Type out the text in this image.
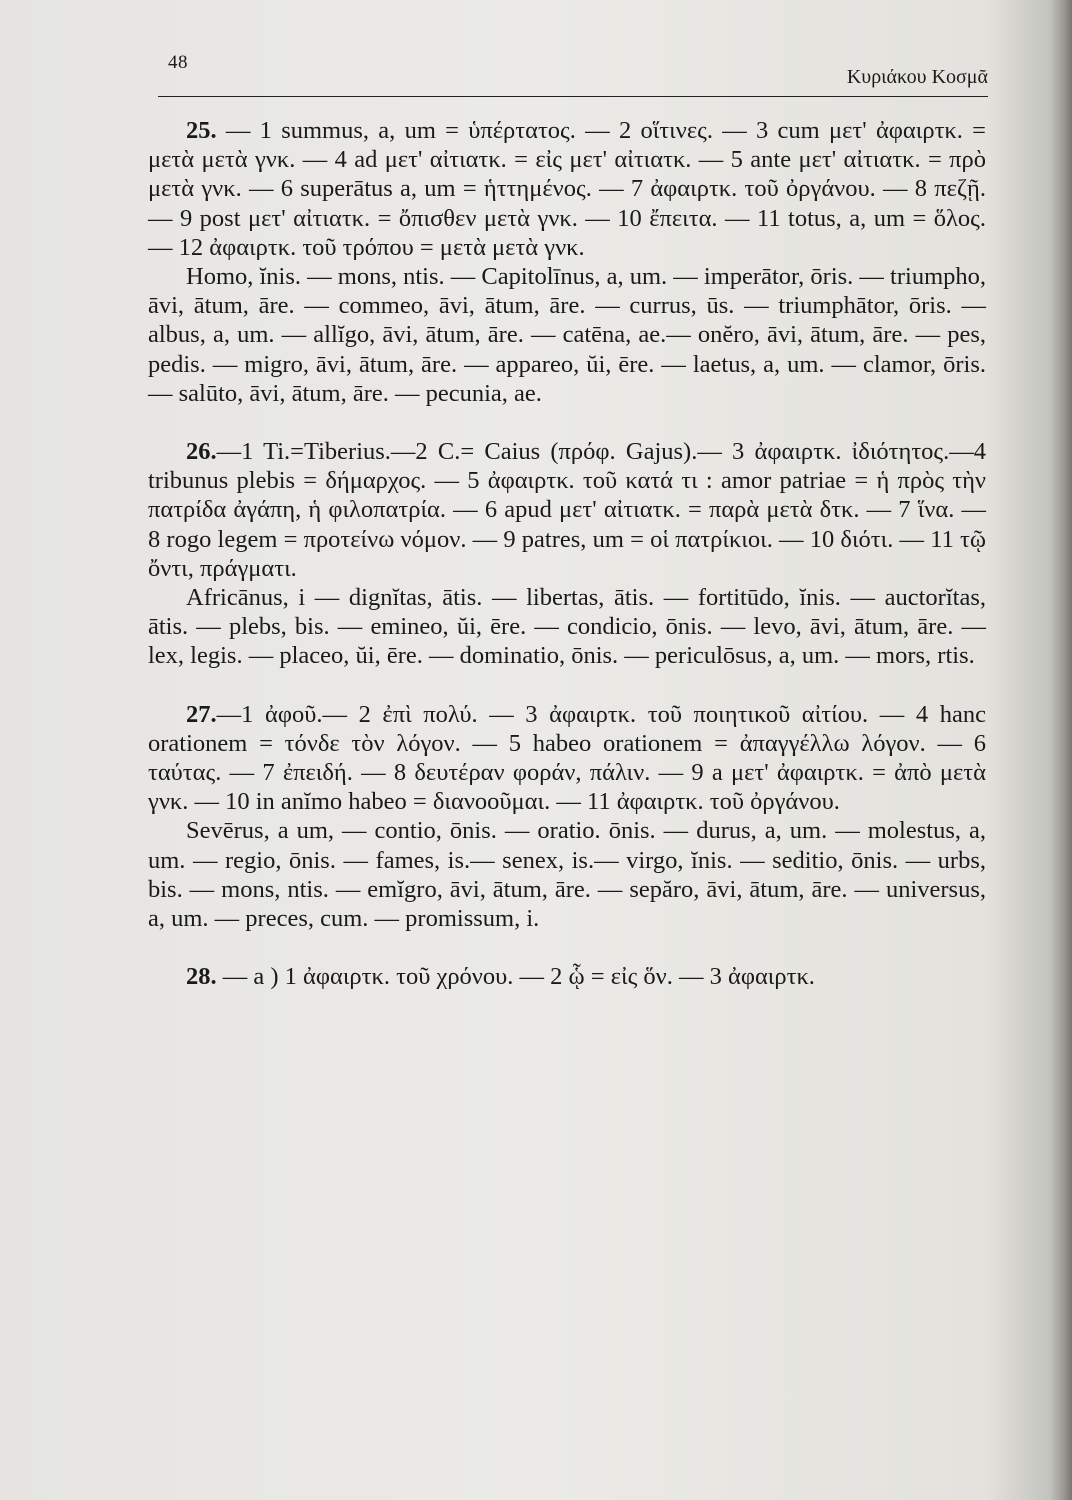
48
Κυριάκου Κοσμᾶ

25. — 1 summus, a, um = ὑπέρτατος. — 2 οἵτινες. — 3 cum μετ' ἀφαιρτκ. = μετὰ μετὰ γνκ. — 4 ad μετ' αἰτιατκ. = εἰς μετ' αἰτιατκ. — 5 ante μετ' αἰτιατκ. = πρὸ μετὰ γνκ. — 6 superātus a, um = ἡττημένος. — 7 ἀφαιρτκ. τοῦ ὀργάνου. — 8 πεζῇ. — 9 post μετ' αἰτιατκ. = ὄπισθεν μετὰ γνκ. — 10 ἔπειτα. — 11 totus, a, um = ὅλος. — 12 ἀφαιρτκ. τοῦ τρόπου = μετὰ μετὰ γνκ.

Homo, ĭnis. — mons, ntis. — Capitolīnus, a, um. — imperātor, ōris. — triumpho, āvi, ātum, āre. — commeo, āvi, ātum, āre. — currus, ūs. — triumphātor, ōris. — albus, a, um. — allĭgo, āvi, ātum, āre. — catēna, ae.— onĕro, āvi, ātum, āre. — pes, pedis. — migro, āvi, ātum, āre. — appareo, ŭi, ēre. — laetus, a, um. — clamor, ōris.— salūto, āvi, ātum, āre. — pecunia, ae.

26.—1 Ti.=Tiberius.—2 C.= Caius (πρόφ. Gajus).— 3 ἀφαιρτκ. ἰδιότητος.—4 tribunus plebis = δήμαρχος. — 5 ἀφαιρτκ. τοῦ κατά τι : amor patriae = ἡ πρὸς τὴν πατρίδα ἀγάπη, ἡ φιλοπατρία. — 6 apud μετ' αἰτιατκ. = παρὰ μετὰ δτκ. — 7 ἵνα. — 8 rogo legem = προτείνω νόμον. — 9 patres, um = οἱ πατρίκιοι. — 10 διότι. — 11 τῷ ὄντι, πράγματι.

Africānus, i — dignĭtas, ātis. — libertas, ātis. — fortitūdo, ĭnis. — auctorĭtas, ātis. — plebs, bis. — emineo, ŭi, ēre. — condicio, ōnis. — levo, āvi, ātum, āre. — lex, legis. — placeo, ŭi, ēre. — dominatio, ōnis. — periculōsus, a, um. — mors, rtis.

27.—1 ἀφοῦ.— 2 ἐπὶ πολύ. — 3 ἀφαιρτκ. τοῦ ποιητικοῦ αἰτίου. — 4 hanc orationem = τόνδε τὸν λόγον. — 5 habeo orationem = ἀπαγγέλλω λόγον. — 6 ταύτας. — 7 ἐπειδή. — 8 δευτέραν φοράν, πάλιν. — 9 a μετ' ἀφαιρτκ. = ἀπὸ μετὰ γνκ. — 10 in anĭmo habeo = διανοοῦμαι. — 11 ἀφαιρτκ. τοῦ ὀργάνου.

Sevērus, a um, — contio, ōnis. — oratio. ōnis. — durus, a, um. — molestus, a, um. — regio, ōnis. — fames, is.— senex, is.— virgo, ĭnis. — seditio, ōnis. — urbs, bis. — mons, ntis. — emĭgro, āvi, ātum, āre. — sepăro, āvi, ātum, āre. — universus, a, um. — preces, cum. — promissum, i.

28. — a ) 1 ἀφαιρτκ. τοῦ χρόνου. — 2 ᾧ = εἰς ὅν. — 3 ἀφαιρτκ.
